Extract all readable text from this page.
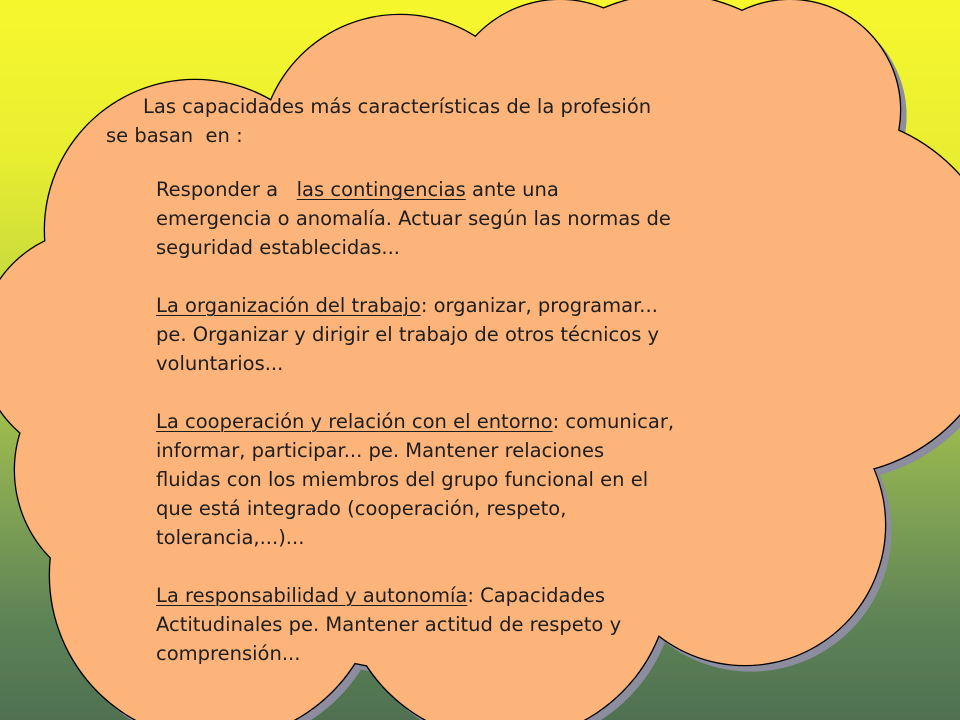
Las capacidades más características de la profesión
se basan  en :
Responder a   las contingencias ante una
emergencia o anomalía. Actuar según las normas de
seguridad establecidas...
La organización del trabajo: organizar, programar...
pe. Organizar y dirigir el trabajo de otros técnicos y
voluntarios...
La cooperación y relación con el entorno: comunicar,
informar, participar... pe. Mantener relaciones
fluidas con los miembros del grupo funcional en el
que está integrado (cooperación, respeto,
tolerancia,...)...
La responsabilidad y autonomía: Capacidades
Actitudinales pe. Mantener actitud de respeto y
comprensión...
